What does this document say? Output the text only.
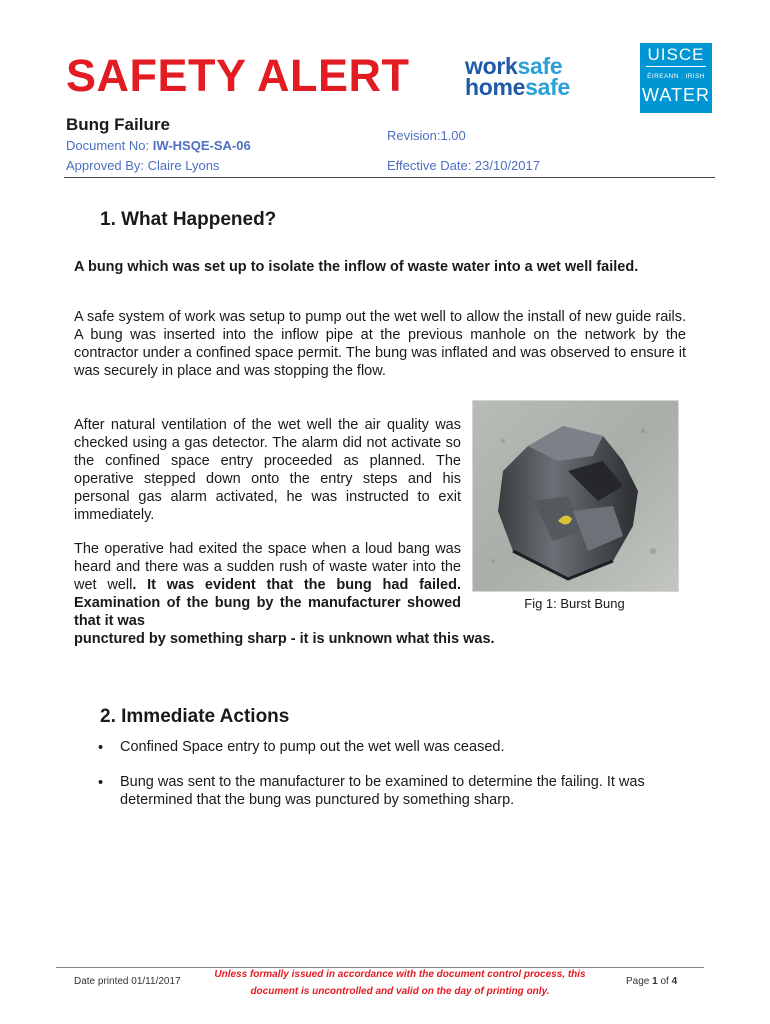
SAFETY ALERT worksafe
homesafe
UISCE
ÉIREANN : IRISH
WATER
Bung Failure
Document No: IW-HSQE-SA-06
Approved By: Claire Lyons
Revision:1.00
Effective Date: 23/10/2017
1. What Happened?

A bung which was set up to isolate the inflow of waste water into a wet well failed.

A safe system of work was setup to pump out the wet well to allow the install of new guide rails. A bung was inserted into the inflow pipe at the previous manhole on the network by the contractor under a confined space permit. The bung was inflated and was observed to ensure it was securely in place and was stopping the flow.

After natural ventilation of the wet well the air quality was checked using a gas detector. The alarm did not activate so the confined space entry proceeded as planned. The operative stepped down onto the entry steps and his personal gas alarm activated, he was instructed to exit immediately.

The operative had exited the space when a loud bang was heard and there was a sudden rush of waste water into the wet well. It was evident that the bung had failed. Examination of the bung by the manufacturer showed that it was

punctured by something sharp - it is unknown what this was.

Fig 1: Burst Bung
2. Immediate Actions
• Confined Space entry to pump out the wet well was ceased.
• Bung was sent to the manufacturer to be examined to determine the failing. It was determined that the bung was punctured by something sharp.
Date printed 01/11/2017
Unless formally issued in accordance with the document control process, this
document is uncontrolled and valid on the day of printing only.
Page 1 of 4
